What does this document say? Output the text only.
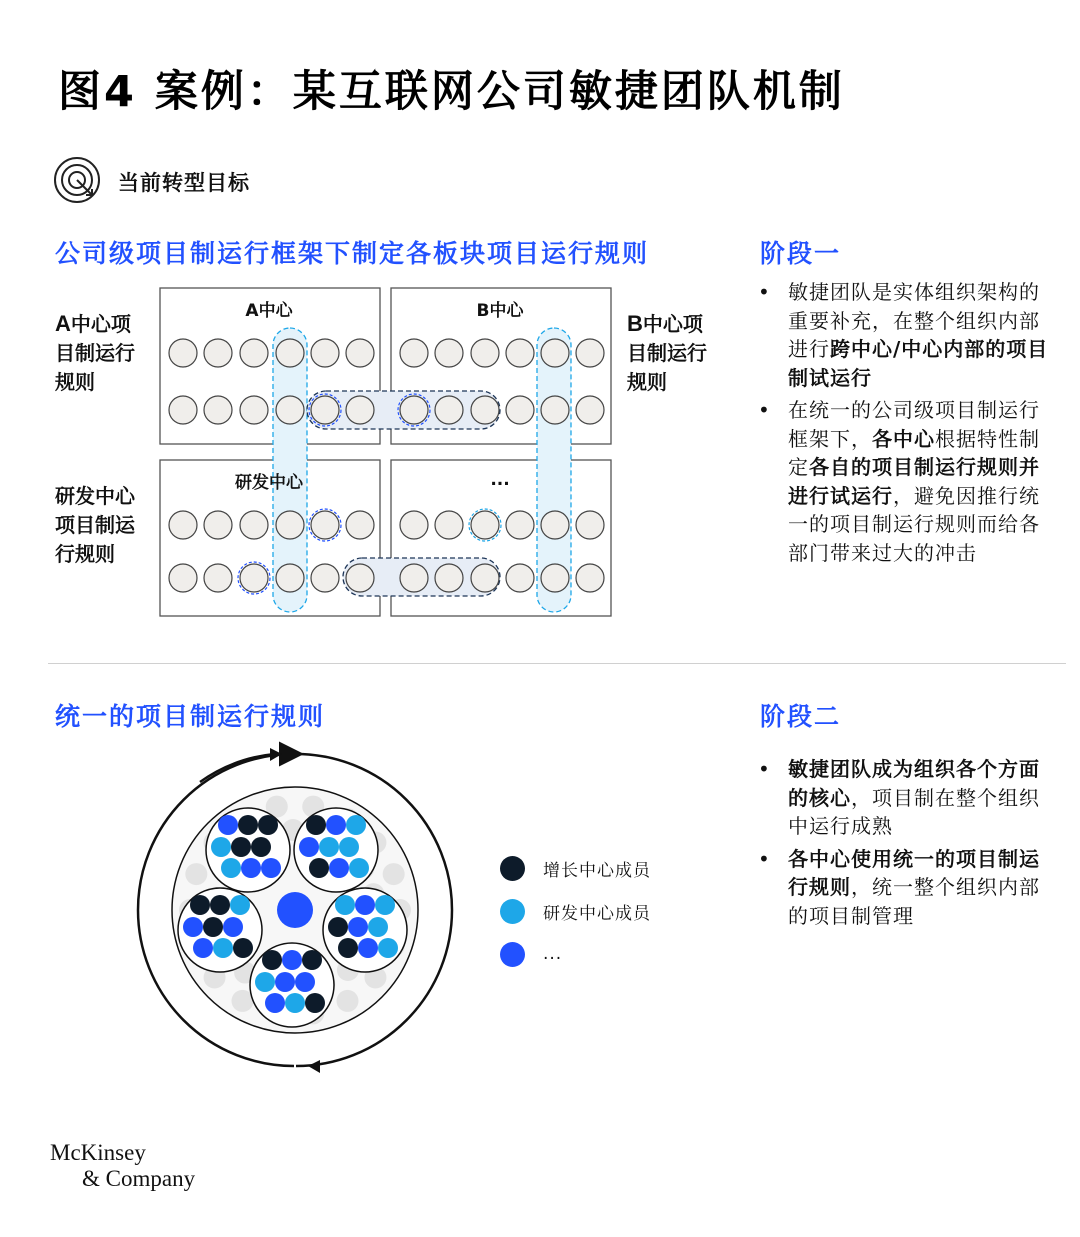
图4 案例：某互联网公司敏捷团队机制
当前转型目标
公司级项目制运行框架下制定各板块项目运行规则
A中心项目制运行规则
研发中心项目制运行规则
B中心项目制运行规则
A中心	B中心
研发中心	...
阶段一
• 敏捷团队是实体组织架构的重要补充，在整个组织内部进行跨中心/中心内部的项目制试运行
• 在统一的公司级项目制运行框架下，各中心根据特性制定各自的项目制运行规则并进行试运行，避免因推行统一的项目制运行规则而给各部门带来过大的冲击
统一的项目制运行规则
增长中心成员
研发中心成员
...
阶段二
• 敏捷团队成为组织各个方面的核心，项目制在整个组织中运行成熟
• 各中心使用统一的项目制运行规则，统一整个组织内部的项目制管理
McKinsey
& Company
